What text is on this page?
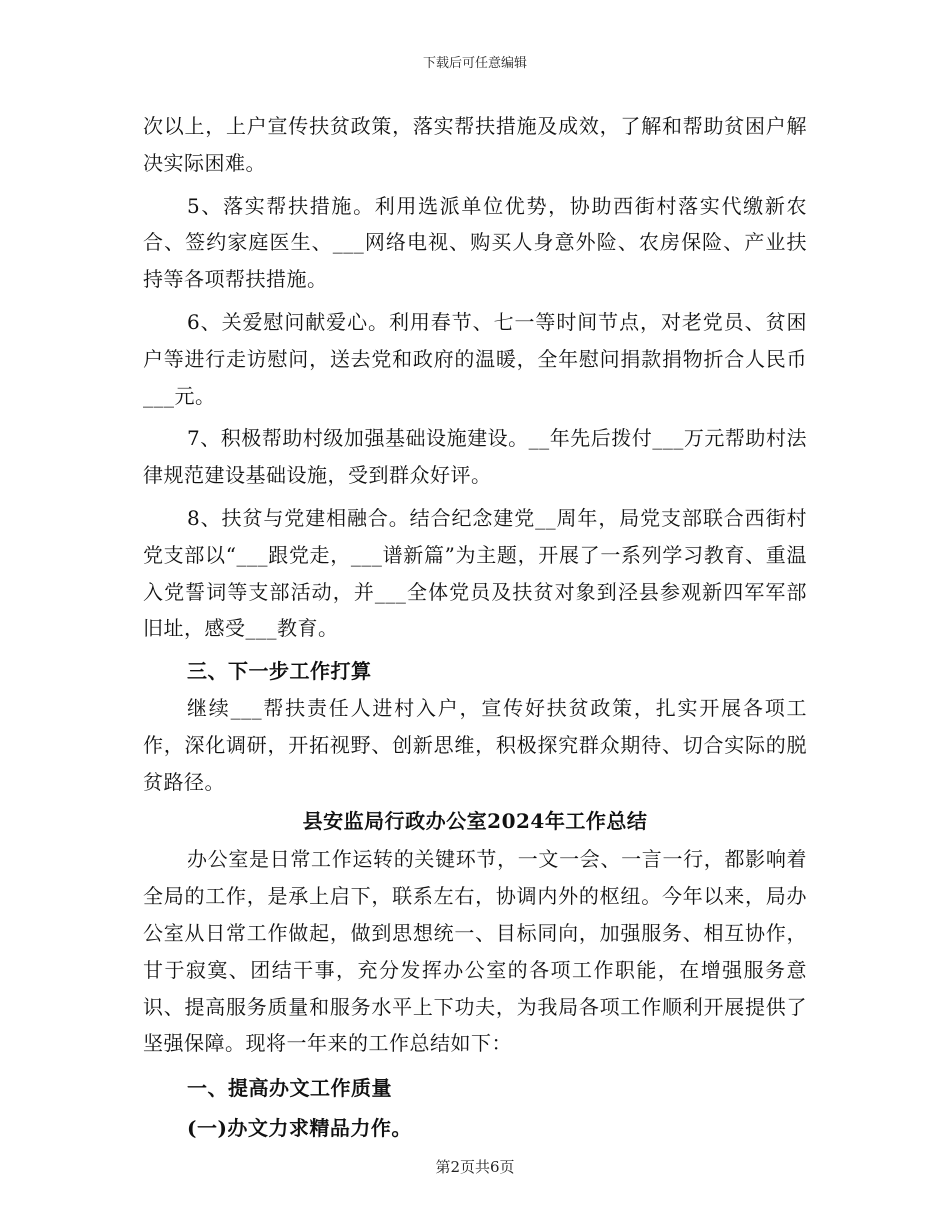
下载后可任意编辑

次以上，上户宣传扶贫政策，落实帮扶措施及成效，了解和帮助贫困户解决实际困难。

5、落实帮扶措施。利用选派单位优势，协助西街村落实代缴新农合、签约家庭医生、___网络电视、购买人身意外险、农房保险、产业扶持等各项帮扶措施。

6、关爱慰问献爱心。利用春节、七一等时间节点，对老党员、贫困户等进行走访慰问，送去党和政府的温暖，全年慰问捐款捐物折合人民币___元。

7、积极帮助村级加强基础设施建设。__年先后拨付___万元帮助村法律规范建设基础设施，受到群众好评。

8、扶贫与党建相融合。结合纪念建党__周年，局党支部联合西街村党支部以“___跟党走，___谱新篇”为主题，开展了一系列学习教育、重温入党誓词等支部活动，并___全体党员及扶贫对象到泾县参观新四军军部旧址，感受___教育。

三、下一步工作打算

继续___帮扶责任人进村入户，宣传好扶贫政策，扎实开展各项工作，深化调研，开拓视野、创新思维，积极探究群众期待、切合实际的脱贫路径。

县安监局行政办公室2024年工作总结

办公室是日常工作运转的关键环节，一文一会、一言一行，都影响着全局的工作，是承上启下，联系左右，协调内外的枢纽。今年以来，局办公室从日常工作做起，做到思想统一、目标同向，加强服务、相互协作，甘于寂寞、团结干事，充分发挥办公室的各项工作职能，在增强服务意识、提高服务质量和服务水平上下功夫，为我局各项工作顺利开展提供了坚强保障。现将一年来的工作总结如下：

一、提高办文工作质量

(一)办文力求精品力作。

第2页共6页
